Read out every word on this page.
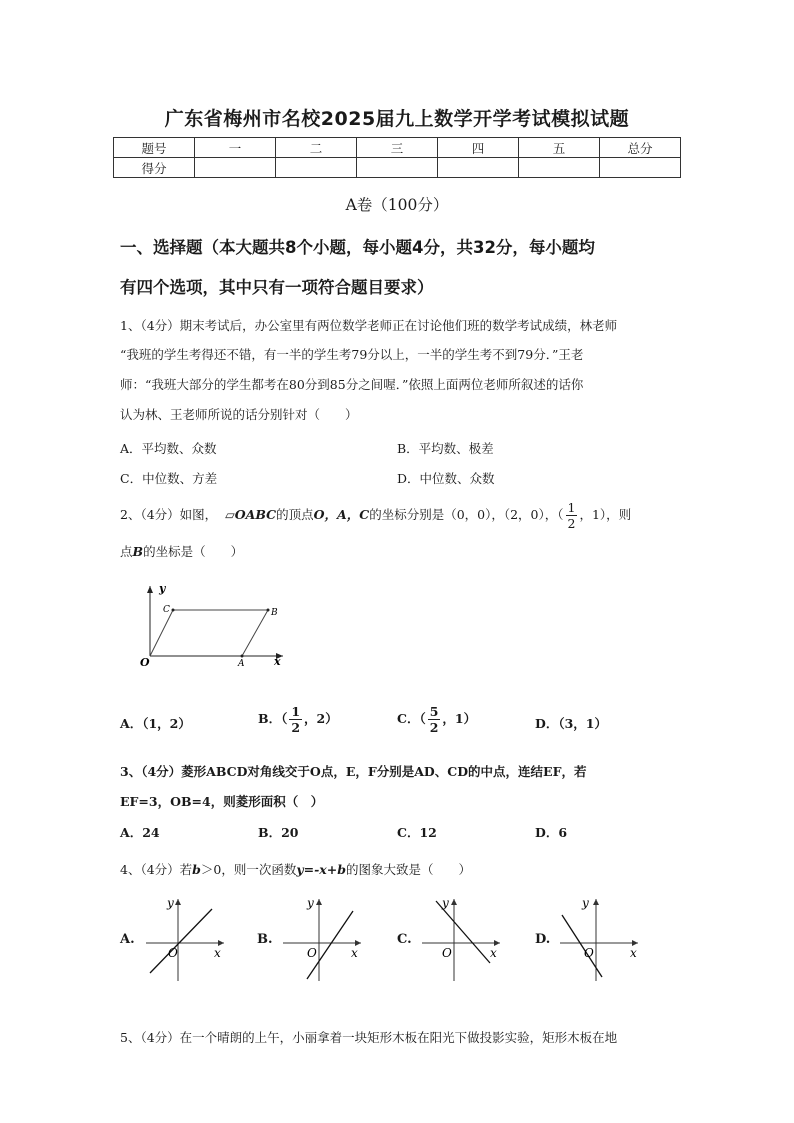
广东省梅州市名校2025届九上数学开学考试模拟试题
题号	一	二	三	四	五	总分
得分						
A卷（100分）
一、选择题（本大题共8个小题，每小题4分，共32分，每小题均
有四个选项，其中只有一项符合题目要求）
1、（4分）期末考试后，办公室里有两位数学老师正在讨论他们班的数学考试成绩，林老师
“我班的学生考得还不错，有一半的学生考79分以上，一半的学生考不到79分．”王老
师：“我班大部分的学生都考在80分到85分之间喔．”依照上面两位老师所叙述的话你
认为林、王老师所说的话分别针对（　　）
A．平均数、众数	B．平均数、极差
C．中位数、方差	D．中位数、众数
2、（4分）如图， ▱OABC的顶点O，A，C的坐标分别是（0，0），（2，0），（ $\frac{1}{2}$ ，1），则
点B的坐标是（　　）
y
x
O	A
B
C
A．（1，2）	B．（ $\frac{1}{2}$ ，2）	C．（ $\frac{5}{2}$ ，1）	D．（3，1）
3、（4分）菱形ABCD对角线交于O点，E，F分别是AD、CD的中点，连结EF，若
EF=3，OB=4，则菱形面积（　）
A．24	B．20	C．12	D．6
4、（4分）若b＞0，则一次函数y=-x+b的图象大致是（　　）
A.	B.	C.	D.
y
x
O
y
x
O
y
x
O
y
x
O
5、（4分）在一个晴朗的上午，小丽拿着一块矩形木板在阳光下做投影实验，矩形木板在地
